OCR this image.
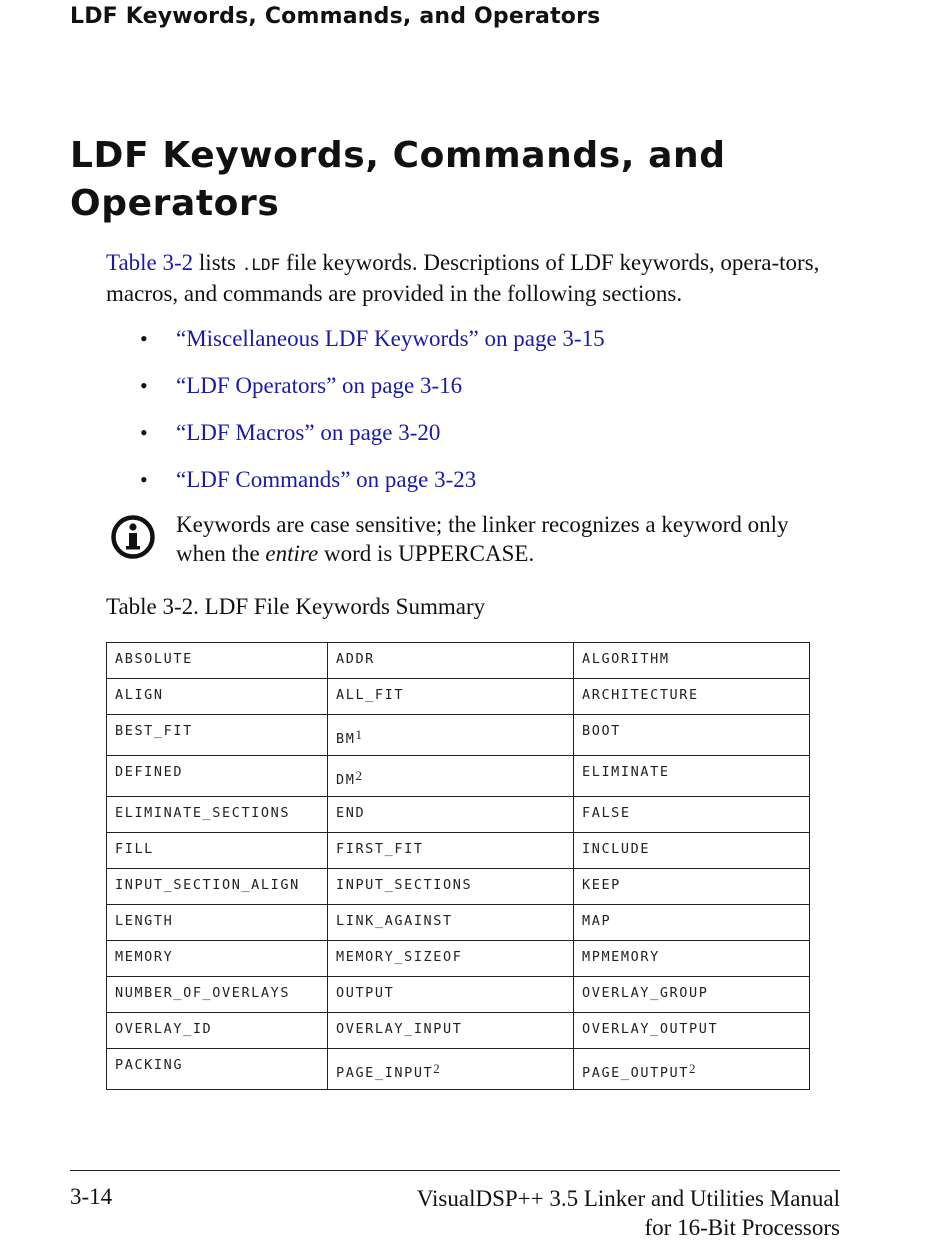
LDF Keywords, Commands, and Operators
LDF Keywords, Commands, and Operators

Table 3-2 lists .LDF file keywords. Descriptions of LDF keywords, opera-tors, macros, and commands are provided in the following sections.

• “Miscellaneous LDF Keywords” on page 3-15
• “LDF Operators” on page 3-16
• “LDF Macros” on page 3-20
• “LDF Commands” on page 3-23
Keywords are case sensitive; the linker recognizes a keyword only when the entire word is UPPERCASE.
Table 3-2. LDF File Keywords Summary
ABSOLUTE	ADDR	ALGORITHM

ALIGN	ALL_FIT	ARCHITECTURE

BEST_FIT	$BM^1$	BOOT

DEFINED	$DM^2$	ELIMINATE

ELIMINATE_SECTIONS	END	FALSE

FILL	FIRST_FIT	INCLUDE

INPUT_SECTION_ALIGN	INPUT_SECTIONS	KEEP

LENGTH	LINK_AGAINST	MAP

MEMORY	MEMORY_SIZEOF	MPMEMORY

NUMBER_OF_OVERLAYS	OUTPUT	OVERLAY_GROUP

OVERLAY_ID	OVERLAY_INPUT	OVERLAY_OUTPUT

PACKING	PAGE_INPUT$^2$	PAGE_OUTPUT$^2$
3-14	VisualDSP++ 3.5 Linker and Utilities Manual
for 16-Bit Processors
